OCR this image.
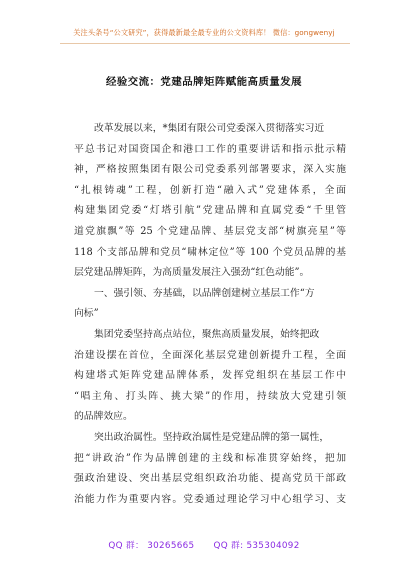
关注头条号“公文研究”，获得最新最全最专业的公文资料库！ 微信：gongwenyj
经验交流：党建品牌矩阵赋能高质量发展
改革发展以来，*集团有限公司党委深入贯彻落实习近
平总书记对国资国企和港口工作的重要讲话和指示批示精
神，严格按照集团有限公司党委系列部署要求，深入实施
“扎根铸魂”工程，创新打造“融入式”党建体系，全面
构建集团党委“灯塔引航”党建品牌和直属党委“千里管
道党旗飘”等 25 个党建品牌、基层党支部“树旗亮星”等
118 个支部品牌和党员“啸林定位”等 100 个党员品牌的基
层党建品牌矩阵，为高质量发展注入强劲“红色动能”。
一、强引领、夯基础，以品牌创建树立基层工作“方
向标”
集团党委坚持高点站位，聚焦高质量发展，始终把政
治建设摆在首位，全面深化基层党建创新提升工程，全面
构建塔式矩阵党建品牌体系，发挥党组织在基层工作中
“唱主角、打头阵、挑大梁”的作用，持续放大党建引领
的品牌效应。
突出政治属性。坚持政治属性是党建品牌的第一属性，
把“讲政治”作为品牌创建的主线和标准贯穿始终，把加
强政治建设、突出基层党组织政治功能、提高党员干部政
治能力作为重要内容。党委通过理论学习中心组学习、支
QQ 群： 30265665 QQ 群: 535304092
